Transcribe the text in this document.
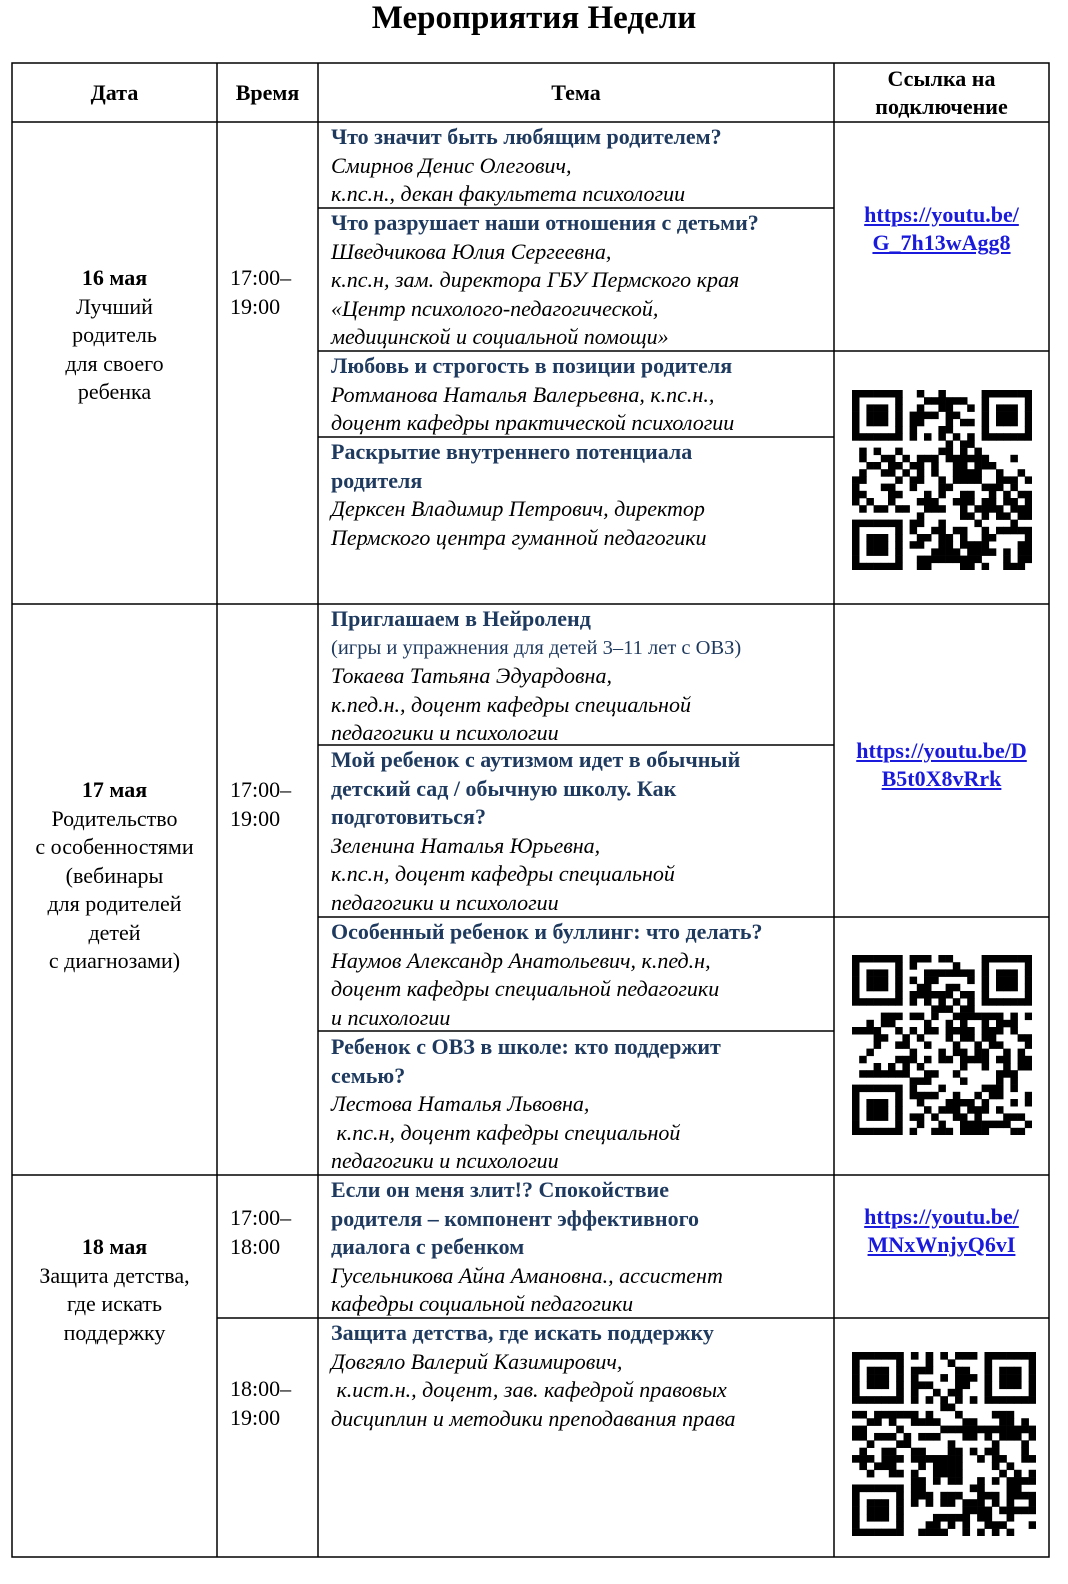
Мероприятия Недели
Дата	Время	Тема
Ссылка на
подключение
16 мая
Лучший
родитель
для своего
ребенка
17:00–
19:00
Что значит быть любящим родителем?
Смирнов Денис Олегович,
к.пс.н., декан факультета психологии
Что разрушает наши отношения с детьми?
Шведчикова Юлия Сергеевна,
к.пс.н, зам. директора ГБУ Пермского края
«Центр психолого-педагогической,
медицинской и социальной помощи»
Любовь и строгость в позиции родителя
Ротманова Наталья Валерьевна, к.пс.н.,
доцент кафедры практической психологии
Раскрытие внутреннего потенциала
родителя
Дерксен Владимир Петрович, директор
Пермского центра гуманной педагогики
https://youtu.be/
G_7h13wAgg8
17 мая
Родительство
с особенностями
(вебинары
для родителей
детей
с диагнозами)
17:00–
19:00
Приглашаем в Нейроленд
(игры и упражнения для детей 3–11 лет с ОВЗ)
Токаева Татьяна Эдуардовна,
к.пед.н., доцент кафедры специальной
педагогики и психологии
Мой ребенок с аутизмом идет в обычный
детский сад / обычную школу. Как
подготовиться?
Зеленина Наталья Юрьевна,
к.пс.н, доцент кафедры специальной
педагогики и психологии
Особенный ребенок и буллинг: что делать?
Наумов Александр Анатольевич, к.пед.н,
доцент кафедры специальной педагогики
и психологии
Ребенок с ОВЗ в школе: кто поддержит
семью?
Лестова Наталья Львовна,
к.пс.н, доцент кафедры специальной
педагогики и психологии
https://youtu.be/D
B5t0X8vRrk
18 мая
Защита детства,
где искать
поддержку
17:00–
18:00
18:00–
19:00
Если он меня злит!? Спокойствие
родителя – компонент эффективного
диалога с ребенком
Гусельникова Айна Амановна., ассистент
кафедры социальной педагогики
Защита детства, где искать поддержку
Довгяло Валерий Казимирович,
к.ист.н., доцент, зав. кафедрой правовых
дисциплин и методики преподавания права
https://youtu.be/
MNxWnjyQ6vI
